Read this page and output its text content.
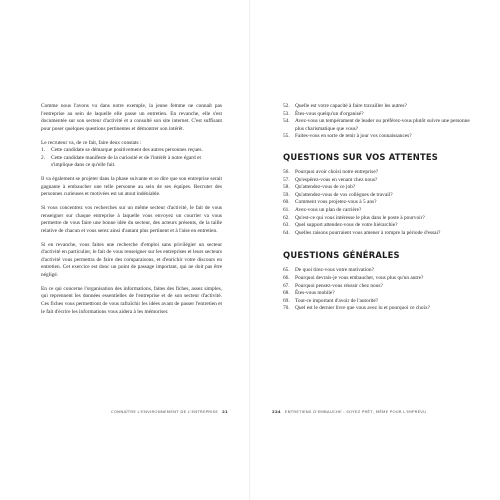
Comme nous l'avons vu dans notre exemple, la jeune femme ne connaît pas l'entreprise au sein de laquelle elle passe un entretien. En revanche, elle s'est documentée sur son secteur d'activité et a consulté son site internet. C'est suffisant pour poser quelques questions pertinentes et démontrer son intérêt.

Le recruteur va, de ce fait, faire deux constats :

1.	Cette candidate se démarque positivement des autres personnes reçues.
2.	Cette candidate manifeste de la curiosité et de l'intérêt à notre égard et s'implique dans ce qu'elle fait.

Il va également se projeter dans la phase suivante et se dire que son entreprise serait gagnante à embaucher une telle personne au sein de ses équipes. Recruter des personnes curieuses et motivées est un atout indéniable.

Si vous concentrez vos recherches sur un même secteur d'activité, le fait de vous renseigner sur chaque entreprise à laquelle vous envoyez un courrier va vous permettre de vous faire une bonne idée du secteur, des acteurs présents, de la taille relative de chacun et vous serez ainsi d'autant plus pertinent et à l'aise en entretien.

Si en revanche, vous faites une recherche d'emploi sans privilégier un secteur d'activité en particulier, le fait de vous renseigner sur les entreprises et leurs secteurs d'activité vous permettra de faire des comparaisons, et d'enrichir votre discours en entretien. Cet exercice est donc un point de passage important, qui ne doit pas être négligé.

En ce qui concerne l'organisation des informations, faites des fiches, assez simples, qui reprennent les données essentielles de l'entreprise et de son secteur d'activité. Ces fiches vous permettront de vous rafraîchir les idées avant de passer l'entretien et le fait d'écrire les informations vous aidera à les mémoriser.

CONNAÎTRE L'ENVIRONNEMENT DE L'ENTREPRISE 21
52. Quelle est votre capacité à faire travailler les autres?
53. Êtes-vous quelqu'un d'organisé?
54. Avez-vous un tempérament de leader ou préférez-vous plutôt suivre une personne plus charismatique que vous?
55. Faites-vous en sorte de tenir à jour vos connaissances?
QUESTIONS SUR VOS ATTENTES
56. Pourquoi avoir choisi notre entreprise?
57. Qu'espérez-vous en venant chez nous?
58. Qu'attendez-vous de ce job?
59. Qu'attendez-vous de vos collègues de travail?
60. Comment vous projetez-vous à 5 ans?
61. Avez-vous un plan de carrière?
62. Qu'est-ce qui vous intéresse le plus dans le poste à pourvoir?
63. Quel support attendez-vous de votre hiérarchie?
64. Quelles raisons pourraient vous amener à rompre la période d'essai?
QUESTIONS GÉNÉRALES
65. De quoi tirez-vous votre motivation?
66. Pourquoi devrais-je vous embaucher, vous plus qu'un autre?
67. Pourquoi pensez-vous réussir chez nous?
68. Êtes-vous mobile?
69. Tout-ce important d'avoir de l'autorité?
70. Quel est le dernier livre que vous avez lu et pourquoi ce choix?
224 ENTRETIENS D'EMBAUCHE : SOYEZ PRÊT, MÊME POUR L'IMPRÉVU
